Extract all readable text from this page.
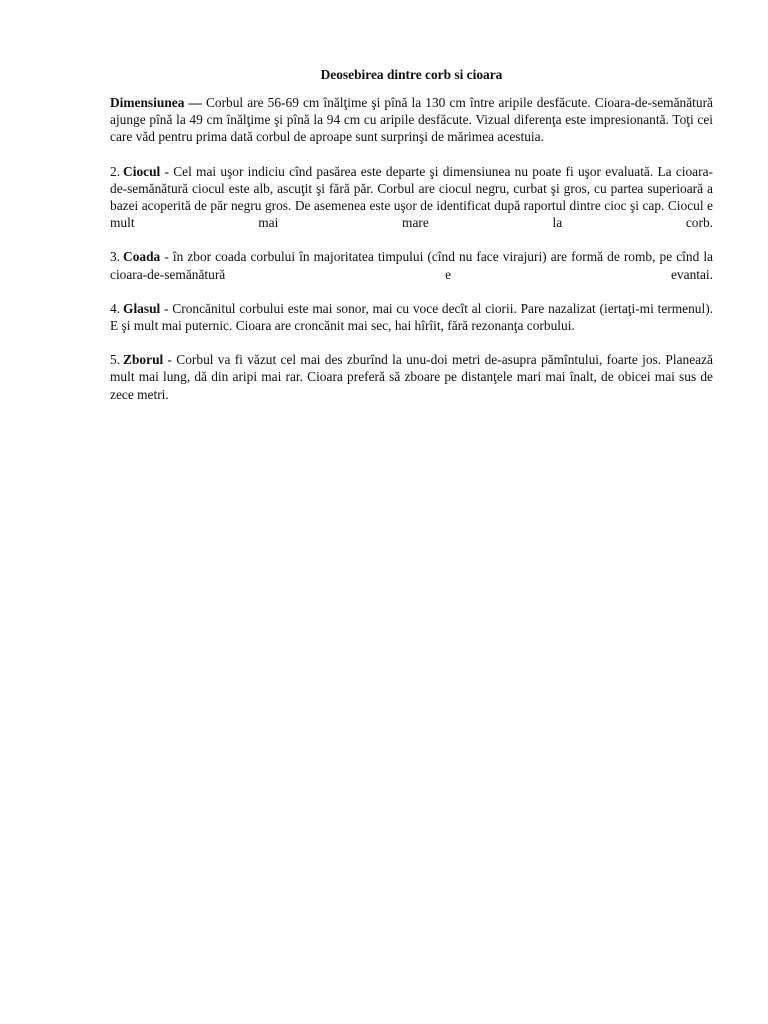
Deosebirea dintre corb si cioara

Dimensiunea — Corbul are 56-69 cm înălţime şi pînă la 130 cm între aripile desfăcute. Cioara-de-semănătură ajunge pînă la 49 cm înălţime şi pînă la 94 cm cu aripile desfăcute. Vizual diferenţa este impresionantă. Toţi cei care văd pentru prima dată corbul de aproape sunt surprinşi de mărimea acestuia.

2. Ciocul - Cel mai uşor indiciu cînd pasărea este departe şi dimensiunea nu poate fi uşor evaluată. La cioara-de-semănătură ciocul este alb, ascuţit şi fără păr. Corbul are ciocul negru, curbat şi gros, cu partea superioară a bazei acoperită de păr negru gros. De asemenea este uşor de identificat după raportul dintre cioc şi cap. Ciocul e mult mai mare la corb.

3. Coada - în zbor coada corbului în majoritatea timpului (cînd nu face virajuri) are formă de romb, pe cînd la cioara-de-semănătură e evantai.

4. Glasul - Croncănitul corbului este mai sonor, mai cu voce decît al ciorii. Pare nazalizat (iertaţi-mi termenul). E şi mult mai puternic. Cioara are croncănit mai sec, hai hîrîit, fără rezonanţa corbului.

5. Zborul - Corbul va fi văzut cel mai des zburînd la unu-doi metri de-asupra pămîntului, foarte jos. Planează mult mai lung, dă din aripi mai rar. Cioara preferă să zboare pe distanţele mari mai înalt, de obicei mai sus de zece metri.
